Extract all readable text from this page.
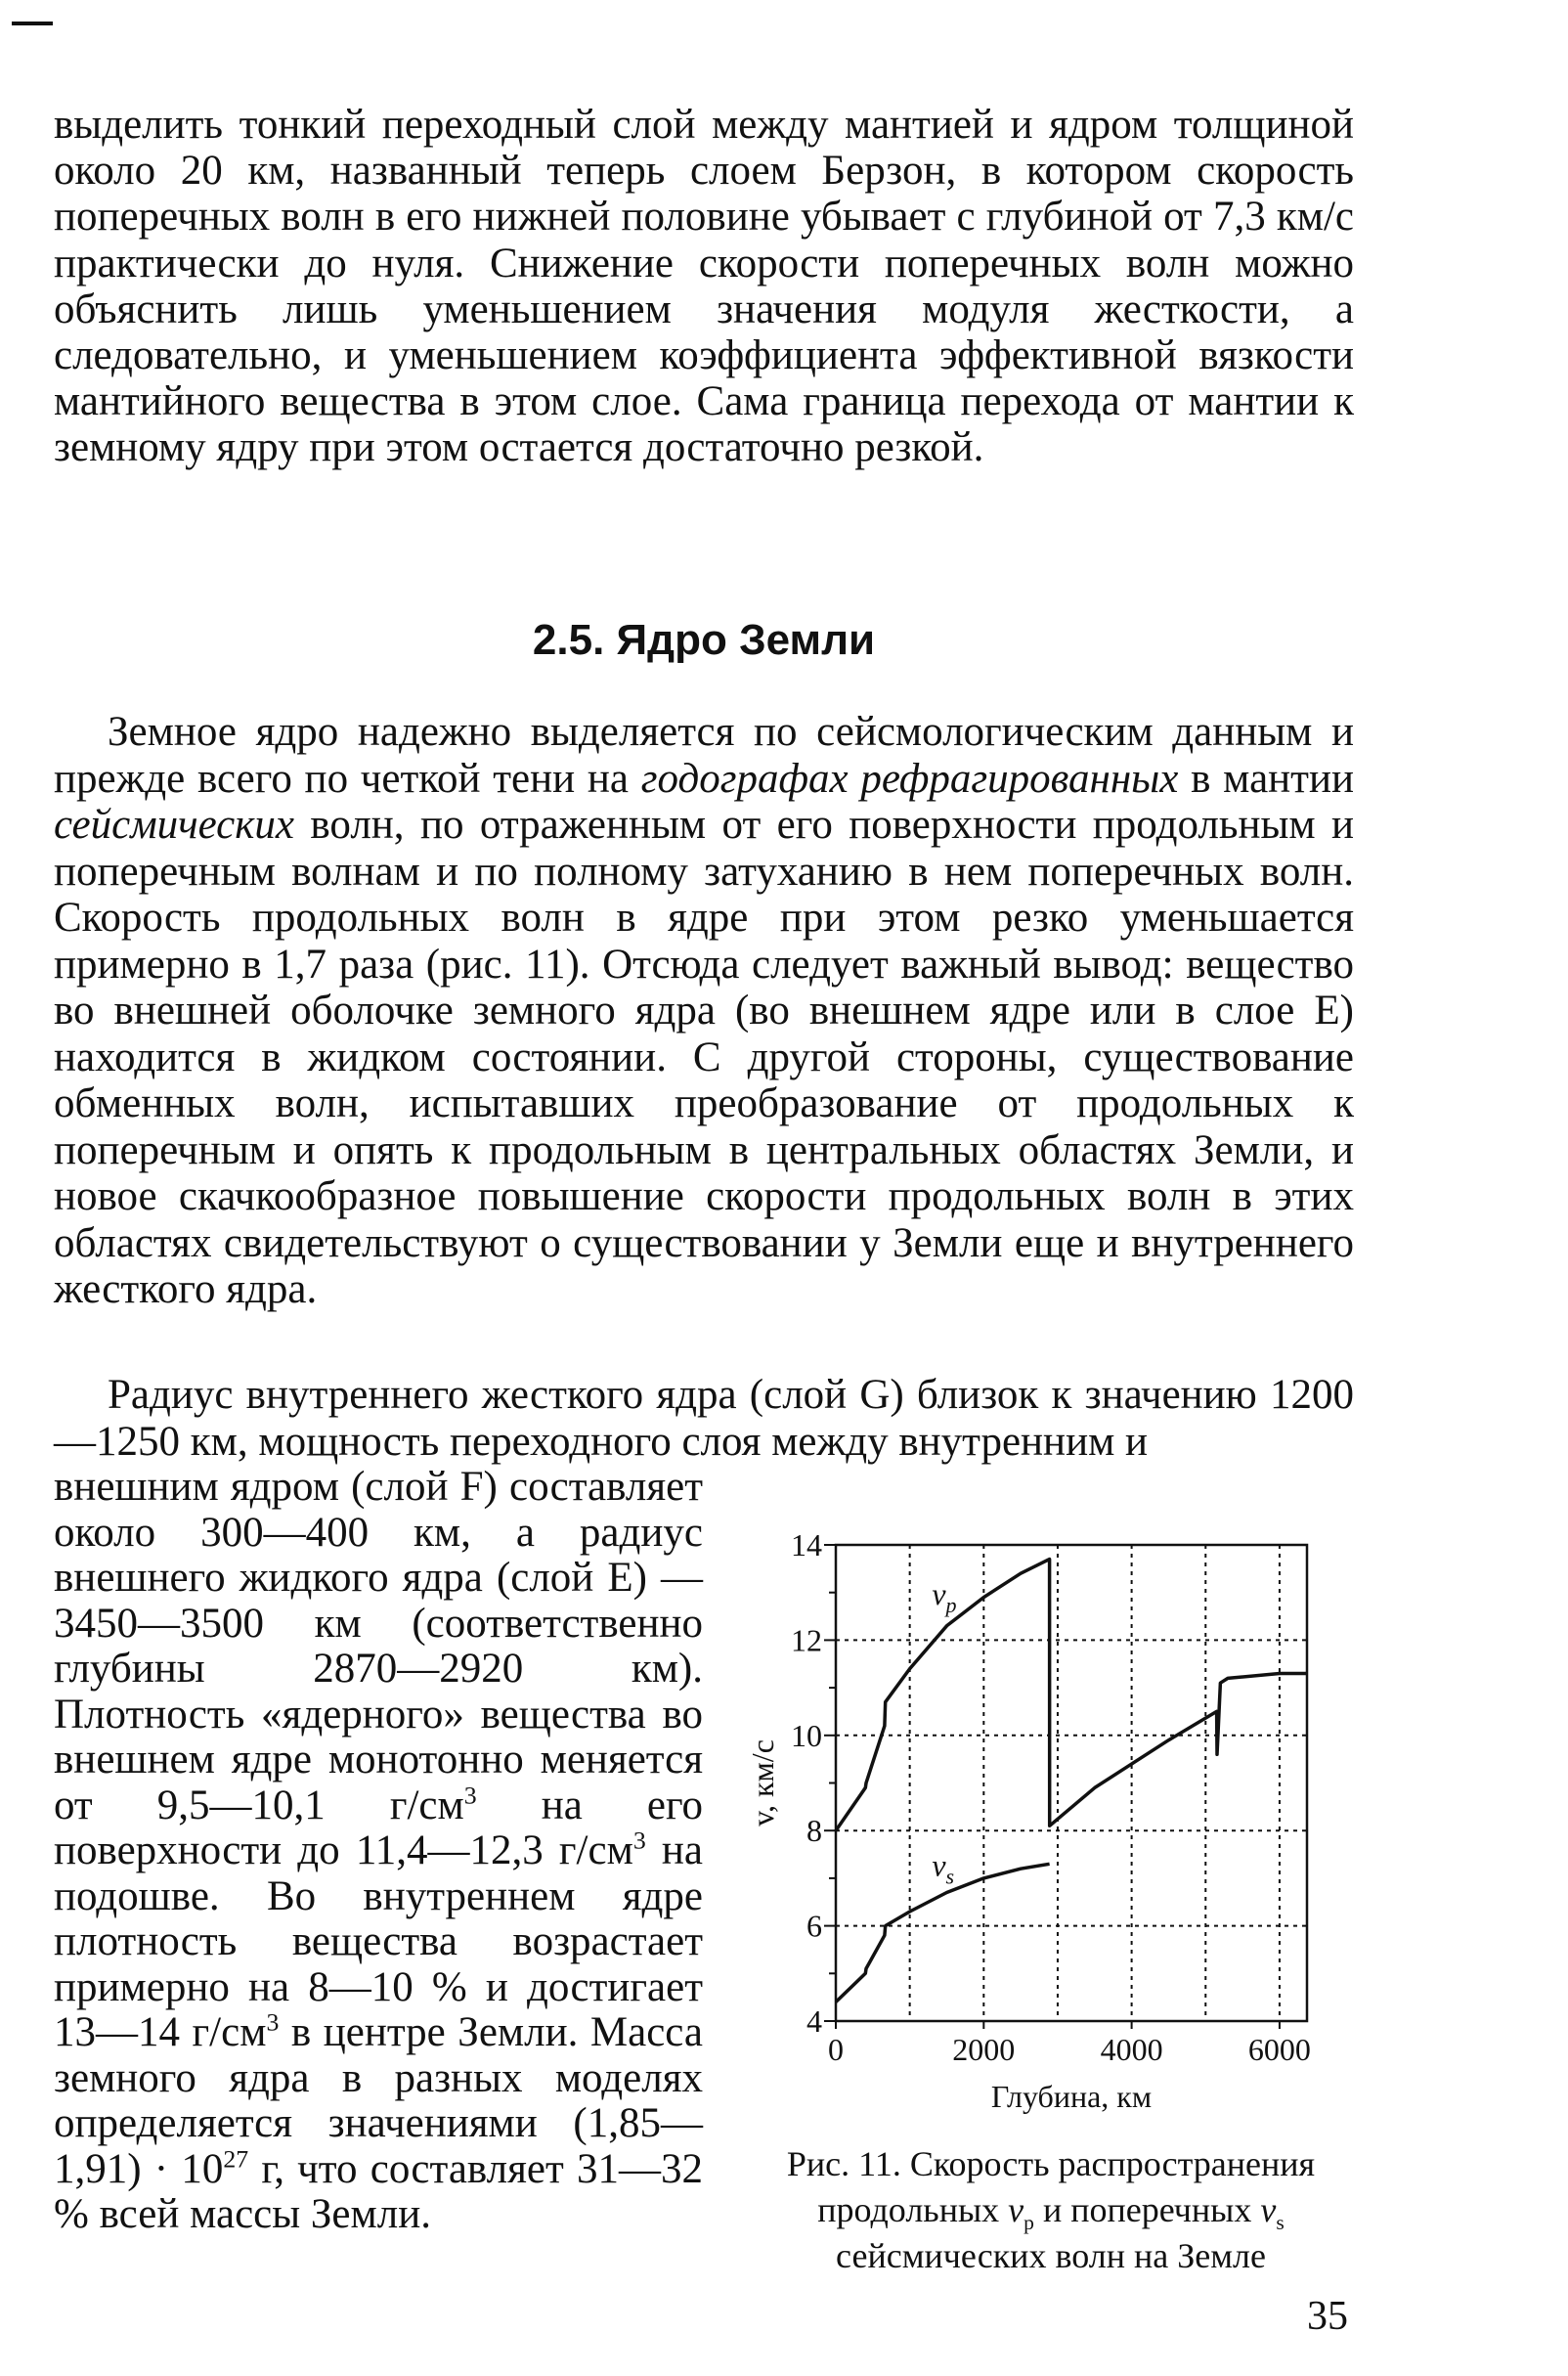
выделить тонкий переходный слой между мантией и ядром толщиной около 20 км, названный теперь слоем Берзон, в котором скорость поперечных волн в его нижней половине убывает с глубиной от 7,3 км/с практически до нуля. Снижение скорости поперечных волн можно объяснить лишь уменьшением значения модуля жесткости, а следовательно, и уменьшением коэффициента эффективной вязкости мантийного вещества в этом слое. Сама граница перехода от мантии к земному ядру при этом остается достаточно резкой.

2.5. Ядро Земли

Земное ядро надежно выделяется по сейсмологическим данным и прежде всего по четкой тени на годографах рефрагированных в мантии сейсмических волн, по отраженным от его поверхности продольным и поперечным волнам и по полному затуханию в нем поперечных волн. Скорость продольных волн в ядре при этом резко уменьшается примерно в 1,7 раза (рис. 11). Отсюда следует важный вывод: вещество во внешней оболочке земного ядра (во внешнем ядре или в слое E) находится в жидком состоянии. С другой стороны, существование обменных волн, испытавших преобразование от продольных к поперечным и опять к продольным в центральных областях Земли, и новое скачкообразное повышение скорости продольных волн в этих областях свидетельствуют о существовании у Земли еще и внутреннего жесткого ядра.

Радиус внутреннего жесткого ядра (слой G) близок к значению 1200—1250 км, мощность переходного слоя между внутренним и

внешним ядром (слой F) составляет около 300—400 км, а радиус внешнего жидкого ядра (слой E) — 3450—3500 км (соответственно глубины 2870—2920 км). Плотность «ядерного» вещества во внешнем ядре монотонно меняется от 9,5—10,1 $г/см^3$ на его поверхности до 11,4—12,3 $г/см^3$ на подошве. Во внутреннем ядре плотность вещества возрастает примерно на 8—10 % и достигает 13—14 $г/см^3$ в центре Земли. Масса земного ядра в разных моделях определяется значениями (1,85—1,91) · $10^{27}$ г, что составляет 31—32 % всей массы Земли.

4
6
8
10
12
14
0	2000	4000	6000
Глубина, км
v, км/с
$v_p$
$v_s$

Рис. 11. Скорость распространения продольных $v_p$ и поперечных $v_s$ сейсмических волн на Земле

35
